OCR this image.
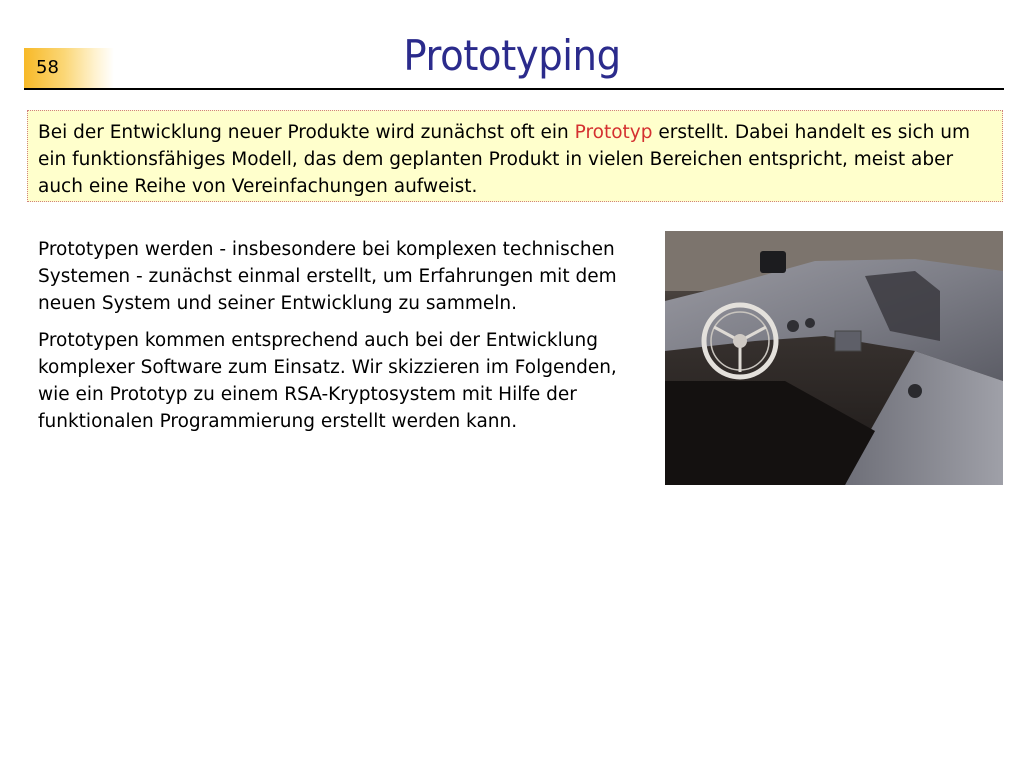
58	Prototyping
Bei der Entwicklung neuer Produkte wird zunächst oft ein Prototyp erstellt. Dabei handelt es sich um ein funktionsfähiges Modell, das dem geplanten Produkt in vielen Bereichen entspricht, meist aber auch eine Reihe von Vereinfachungen aufweist.

Prototypen werden - insbesondere bei komplexen technischen Systemen - zunächst einmal erstellt, um Erfahrungen mit dem neuen System und seiner Entwicklung zu sammeln.

Prototypen kommen entsprechend auch bei der Entwicklung komplexer Software zum Einsatz. Wir skizzieren im Folgenden, wie ein Prototyp zu einem RSA-Kryptosystem mit Hilfe der funktionalen Programmierung erstellt werden kann.
